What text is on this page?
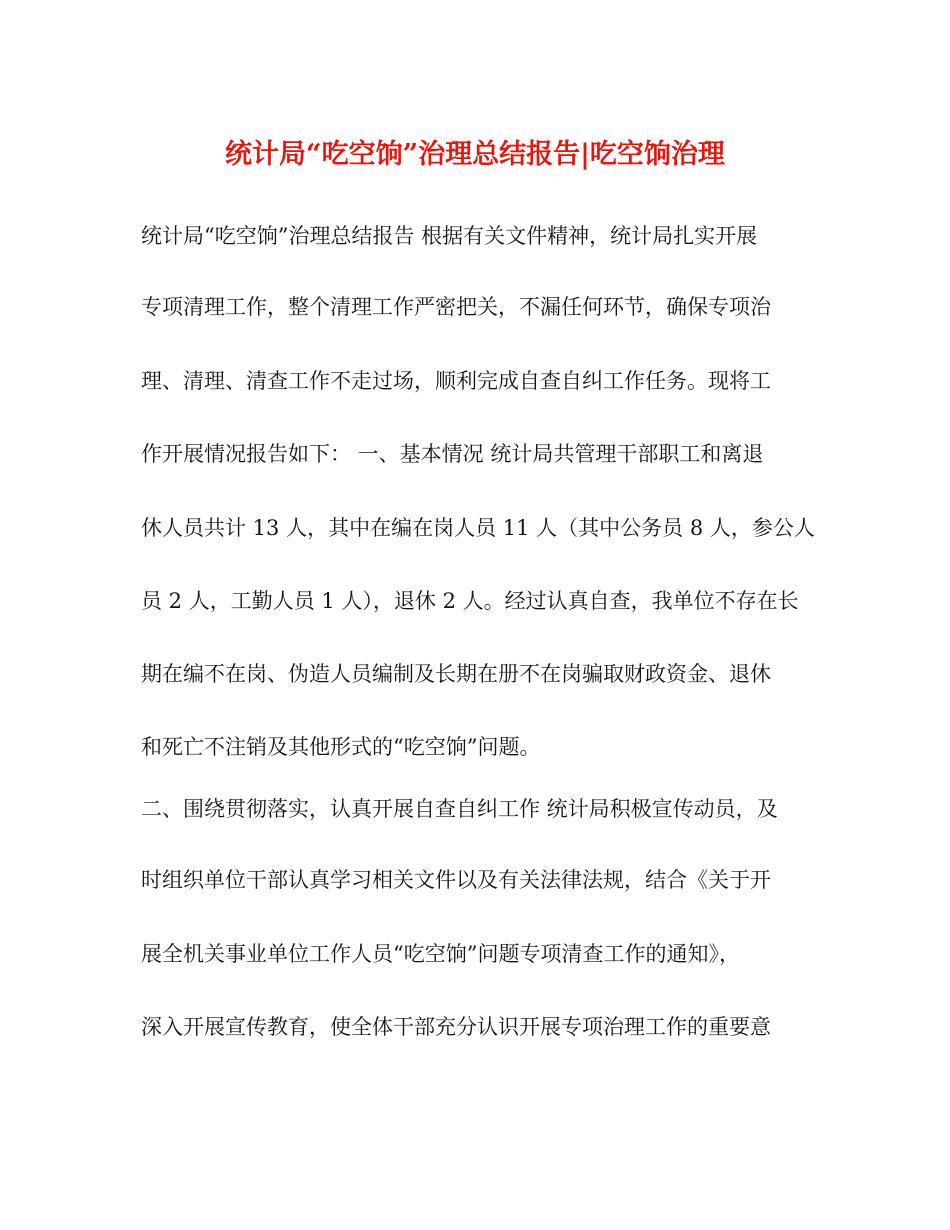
统计局“吃空饷”治理总结报告|吃空饷治理
统计局“吃空饷”治理总结报告 根据有关文件精神，统计局扎实开展
专项清理工作，整个清理工作严密把关，不漏任何环节，确保专项治
理、清理、清查工作不走过场，顺利完成自查自纠工作任务。现将工
作开展情况报告如下： 一、基本情况 统计局共管理干部职工和离退
休人员共计 13 人，其中在编在岗人员 11 人（其中公务员 8 人，参公人
员 2 人，工勤人员 1 人），退休 2 人。经过认真自查，我单位不存在长
期在编不在岗、伪造人员编制及长期在册不在岗骗取财政资金、退休
和死亡不注销及其他形式的“吃空饷”问题。
二、围绕贯彻落实，认真开展自查自纠工作 统计局积极宣传动员，及
时组织单位干部认真学习相关文件以及有关法律法规，结合《关于开
展全机关事业单位工作人员“吃空饷”问题专项清查工作的通知》，
深入开展宣传教育，使全体干部充分认识开展专项治理工作的重要意
